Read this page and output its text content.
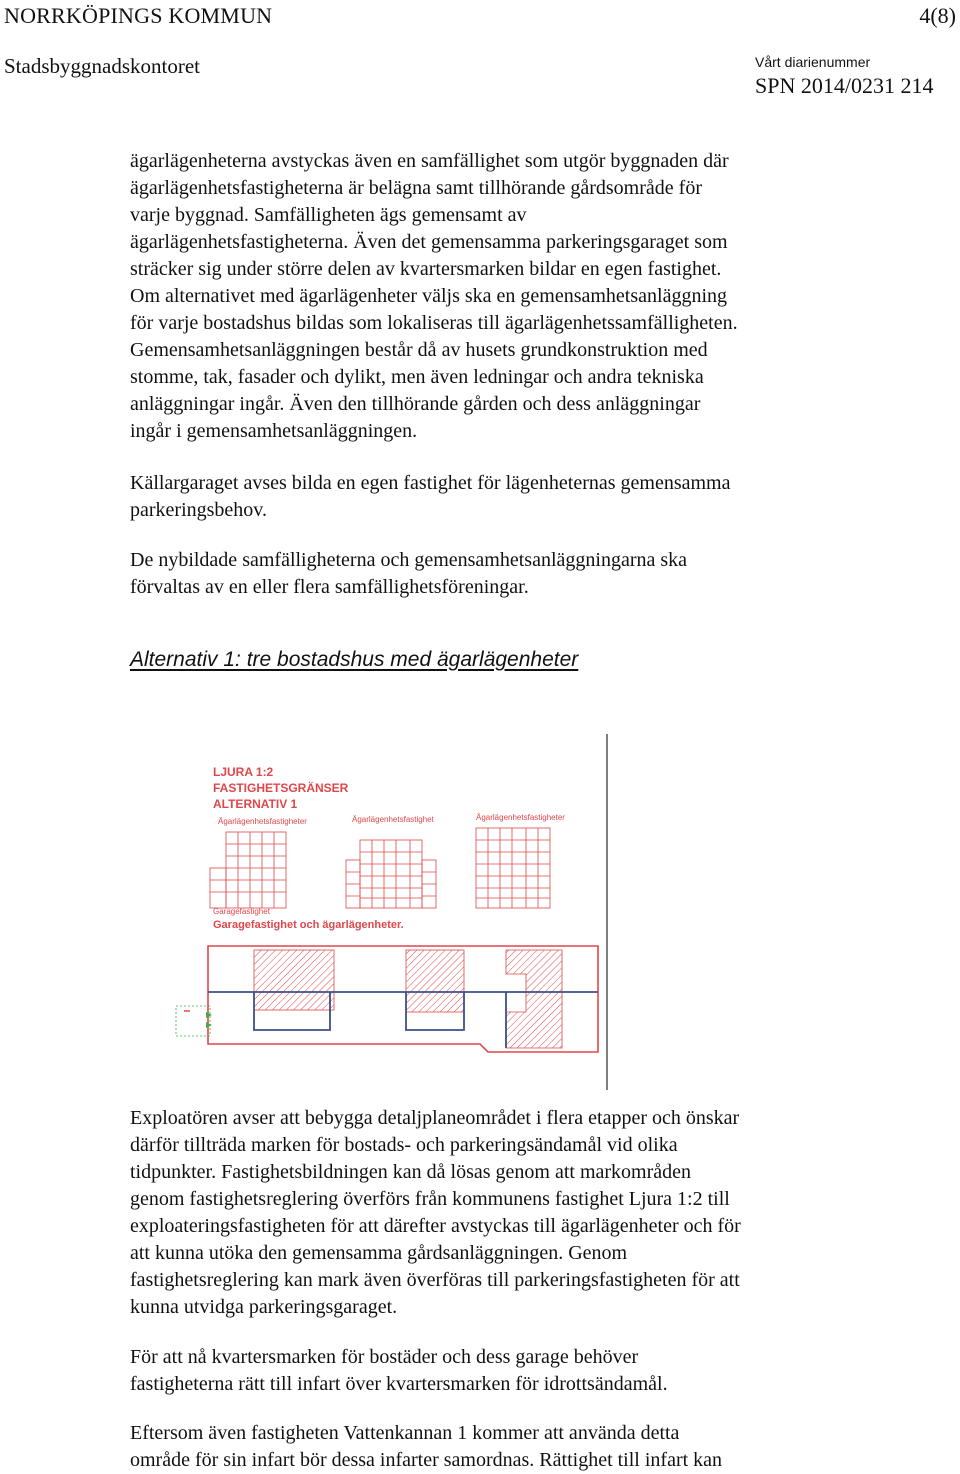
NORRKÖPINGS KOMMUN	4(8)
Stadsbyggnadskontoret	Vårt diarienummer
SPN 2014/0231 214

ägarlägenheterna avstyckas även en samfällighet som utgör byggnaden där
ägarlägenhetsfastigheterna är belägna samt tillhörande gårdsområde för
varje byggnad. Samfälligheten ägs gemensamt av
ägarlägenhetsfastigheterna. Även det gemensamma parkeringsgaraget som
sträcker sig under större delen av kvartersmarken bildar en egen fastighet.
Om alternativet med ägarlägenheter väljs ska en gemensamhetsanläggning
för varje bostadshus bildas som lokaliseras till ägarlägenhetssamfälligheten.
Gemensamhetsanläggningen består då av husets grundkonstruktion med
stomme, tak, fasader och dylikt, men även ledningar och andra tekniska
anläggningar ingår. Även den tillhörande gården och dess anläggningar
ingår i gemensamhetsanläggningen.

Källargaraget avses bilda en egen fastighet för lägenheternas gemensamma
parkeringsbehov.

De nybildade samfälligheterna och gemensamhetsanläggningarna ska
förvaltas av en eller flera samfällighetsföreningar.

Alternativ 1: tre bostadshus med ägarlägenheter
LJURA 1:2
FASTIGHETSGRÄNSER
ALTERNATIV 1
Ägarlägenhetsfastigheter	Ägarlägenhetsfastighet	Ägarlägenhetsfastigheter
Garagefastighet
Garagefastighet och ägarlägenheter.

Exploatören avser att bebygga detaljplaneområdet i flera etapper och önskar
därför tillträda marken för bostads- och parkeringsändamål vid olika
tidpunkter. Fastighetsbildningen kan då lösas genom att markområden
genom fastighetsreglering överförs från kommunens fastighet Ljura 1:2 till
exploateringsfastigheten för att därefter avstyckas till ägarlägenheter och för
att kunna utöka den gemensamma gårdsanläggningen. Genom
fastighetsreglering kan mark även överföras till parkeringsfastigheten för att
kunna utvidga parkeringsgaraget.

För att nå kvartersmarken för bostäder och dess garage behöver
fastigheterna rätt till infart över kvartersmarken för idrottsändamål.

Eftersom även fastigheten Vattenkannan 1 kommer att använda detta
område för sin infart bör dessa infarter samordnas. Rättighet till infart kan
